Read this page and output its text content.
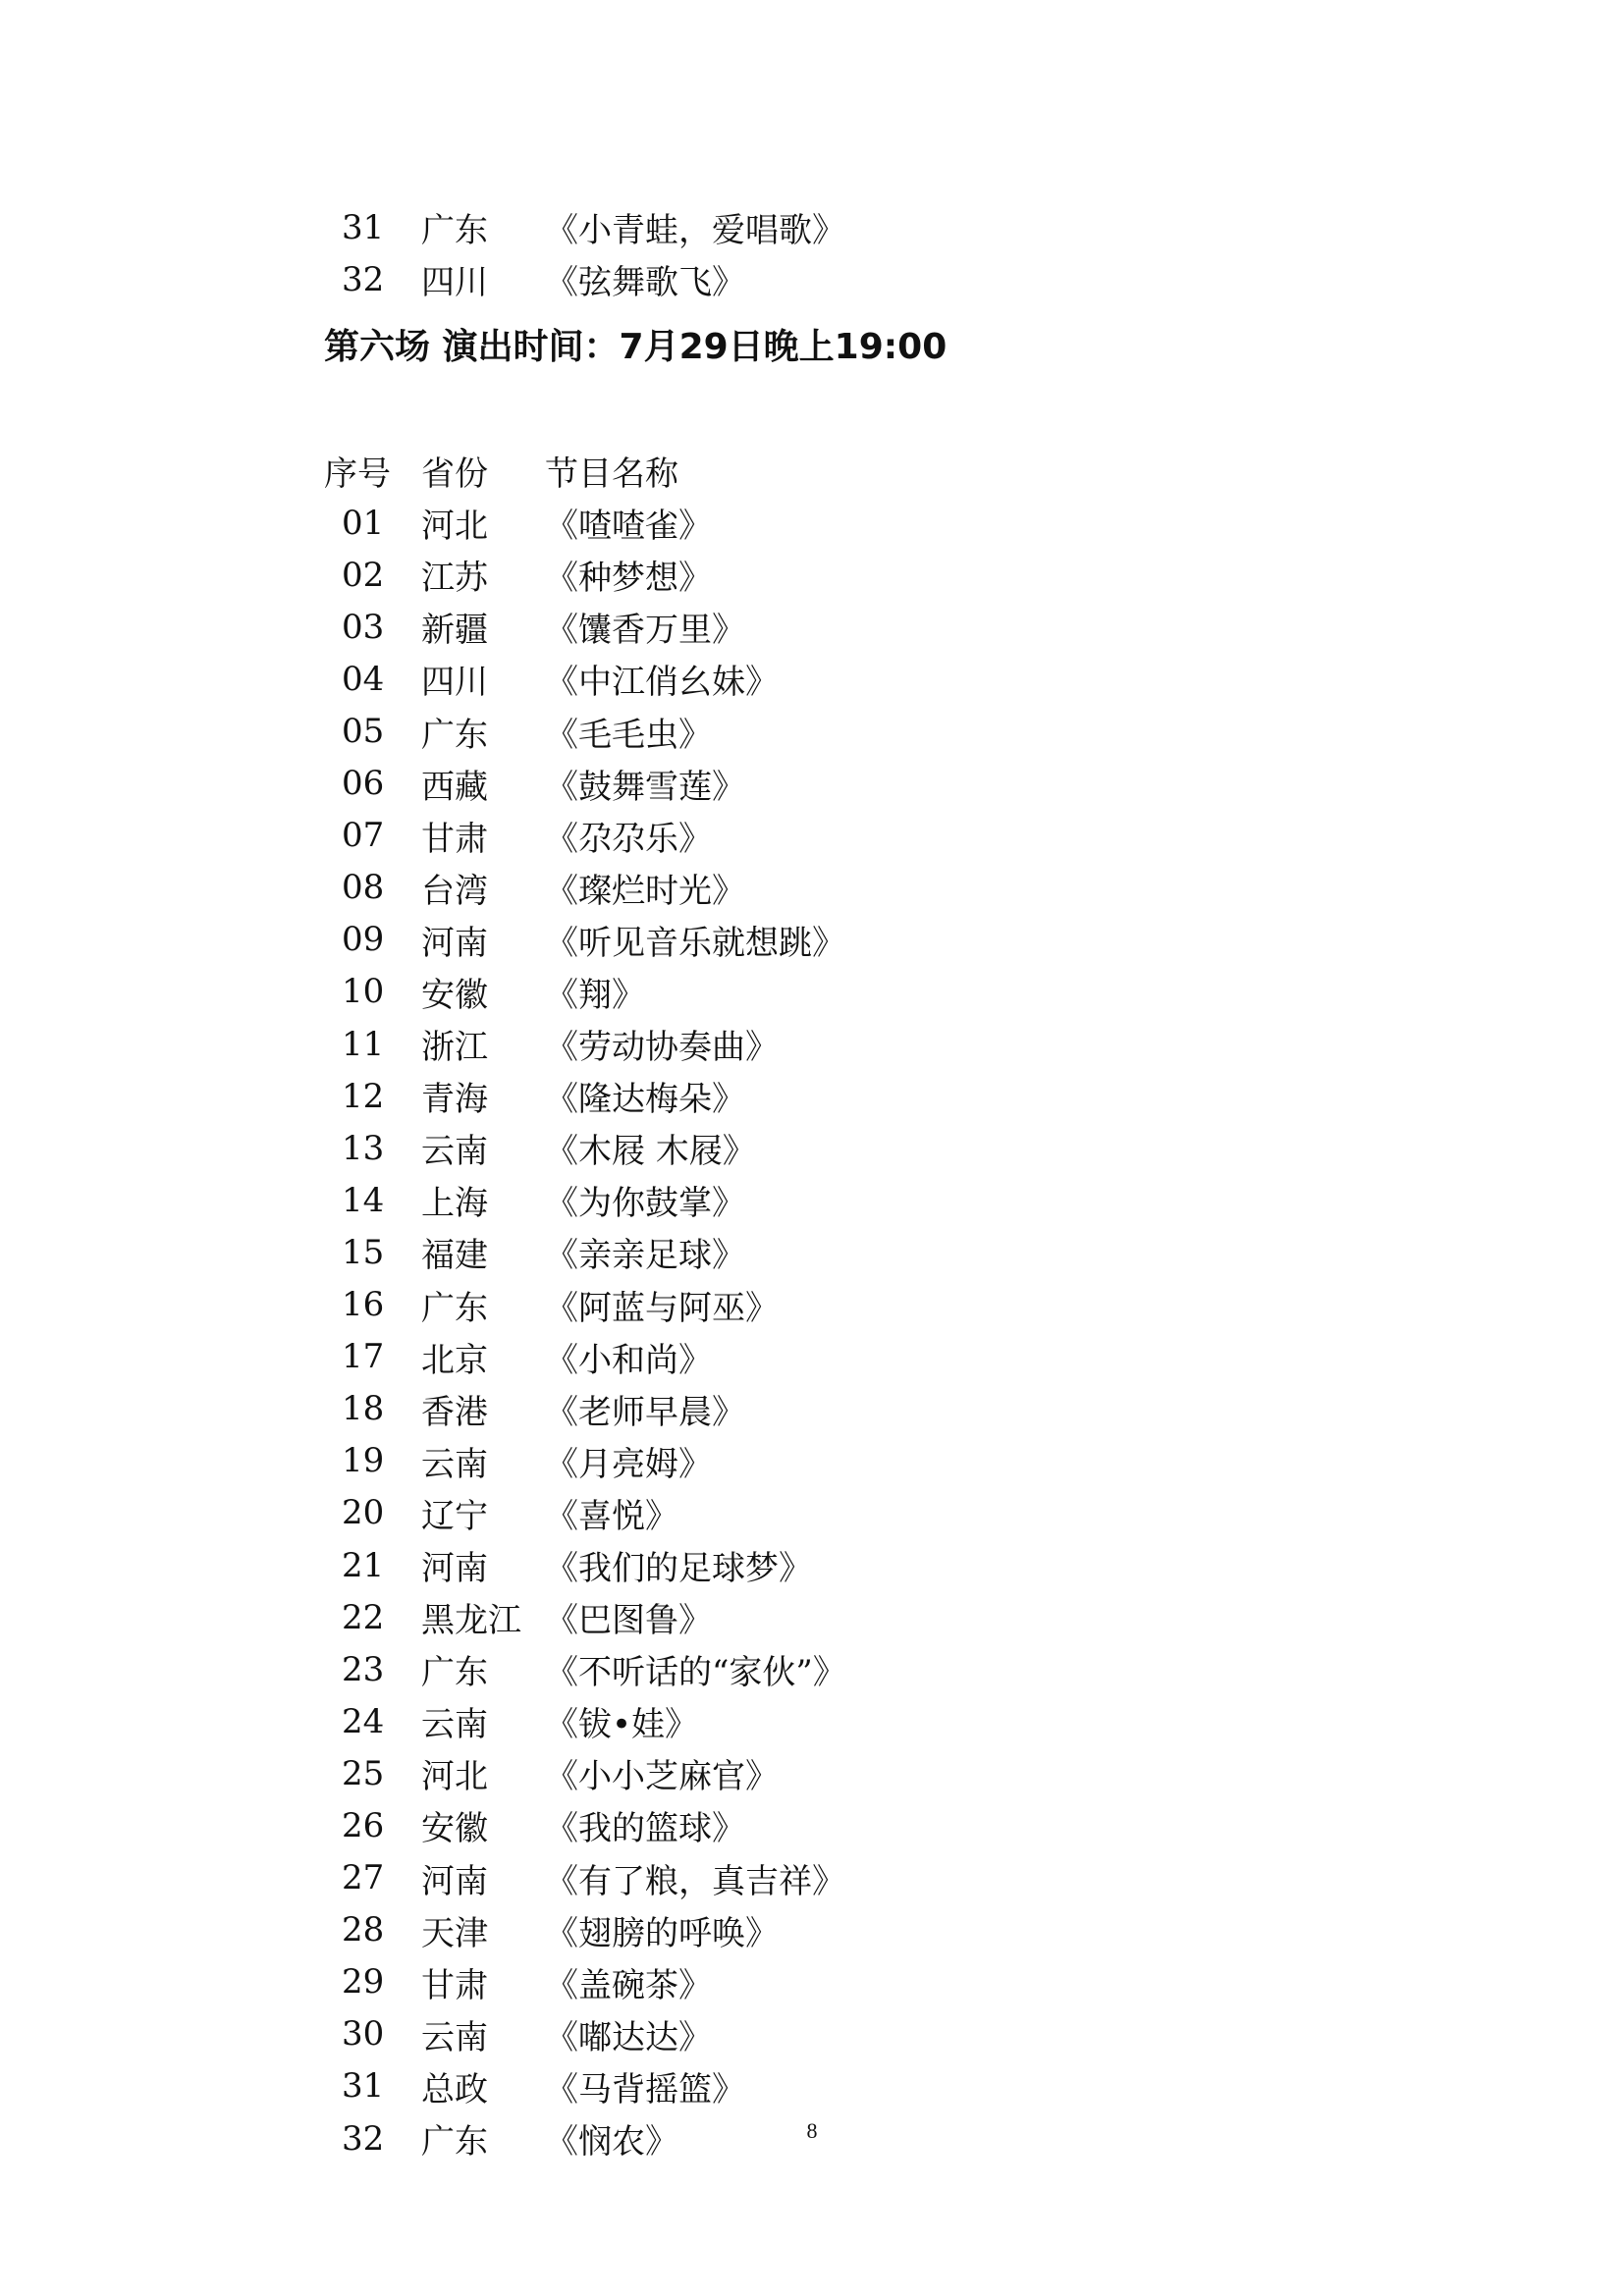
31	广东	《小青蛙，爱唱歌》
32	四川	《弦舞歌飞》
第六场 演出时间：7月29日晚上19:00
序号 省份	节目名称
01	河北	《喳喳雀》
02	江苏	《种梦想》
03	新疆	《馕香万里》
04	四川	《中江俏幺妹》
05	广东	《毛毛虫》
06	西藏	《鼓舞雪莲》
07	甘肃	《尕尕乐》
08	台湾	《璨烂时光》
09	河南	《听见音乐就想跳》
10	安徽	《翔》
11	浙江	《劳动协奏曲》
12	青海	《隆达梅朵》
13	云南	《木屐 木屐》
14	上海	《为你鼓掌》
15	福建	《亲亲足球》
16	广东	《阿蓝与阿巫》
17	北京	《小和尚》
18	香港	《老师早晨》
19	云南	《月亮姆》
20	辽宁	《喜悦》
21	河南	《我们的足球梦》
22	黑龙江 《巴图鲁》
23	广东	《不听话的“家伙”》
24	云南	《钹•娃》
25	河北	《小小芝麻官》
26	安徽	《我的篮球》
27	河南	《有了粮，真吉祥》
28	天津	《翅膀的呼唤》
29	甘肃	《盖碗茶》
30	云南	《嘟达达》
31	总政	《马背摇篮》
32	广东	《悯农》	8
